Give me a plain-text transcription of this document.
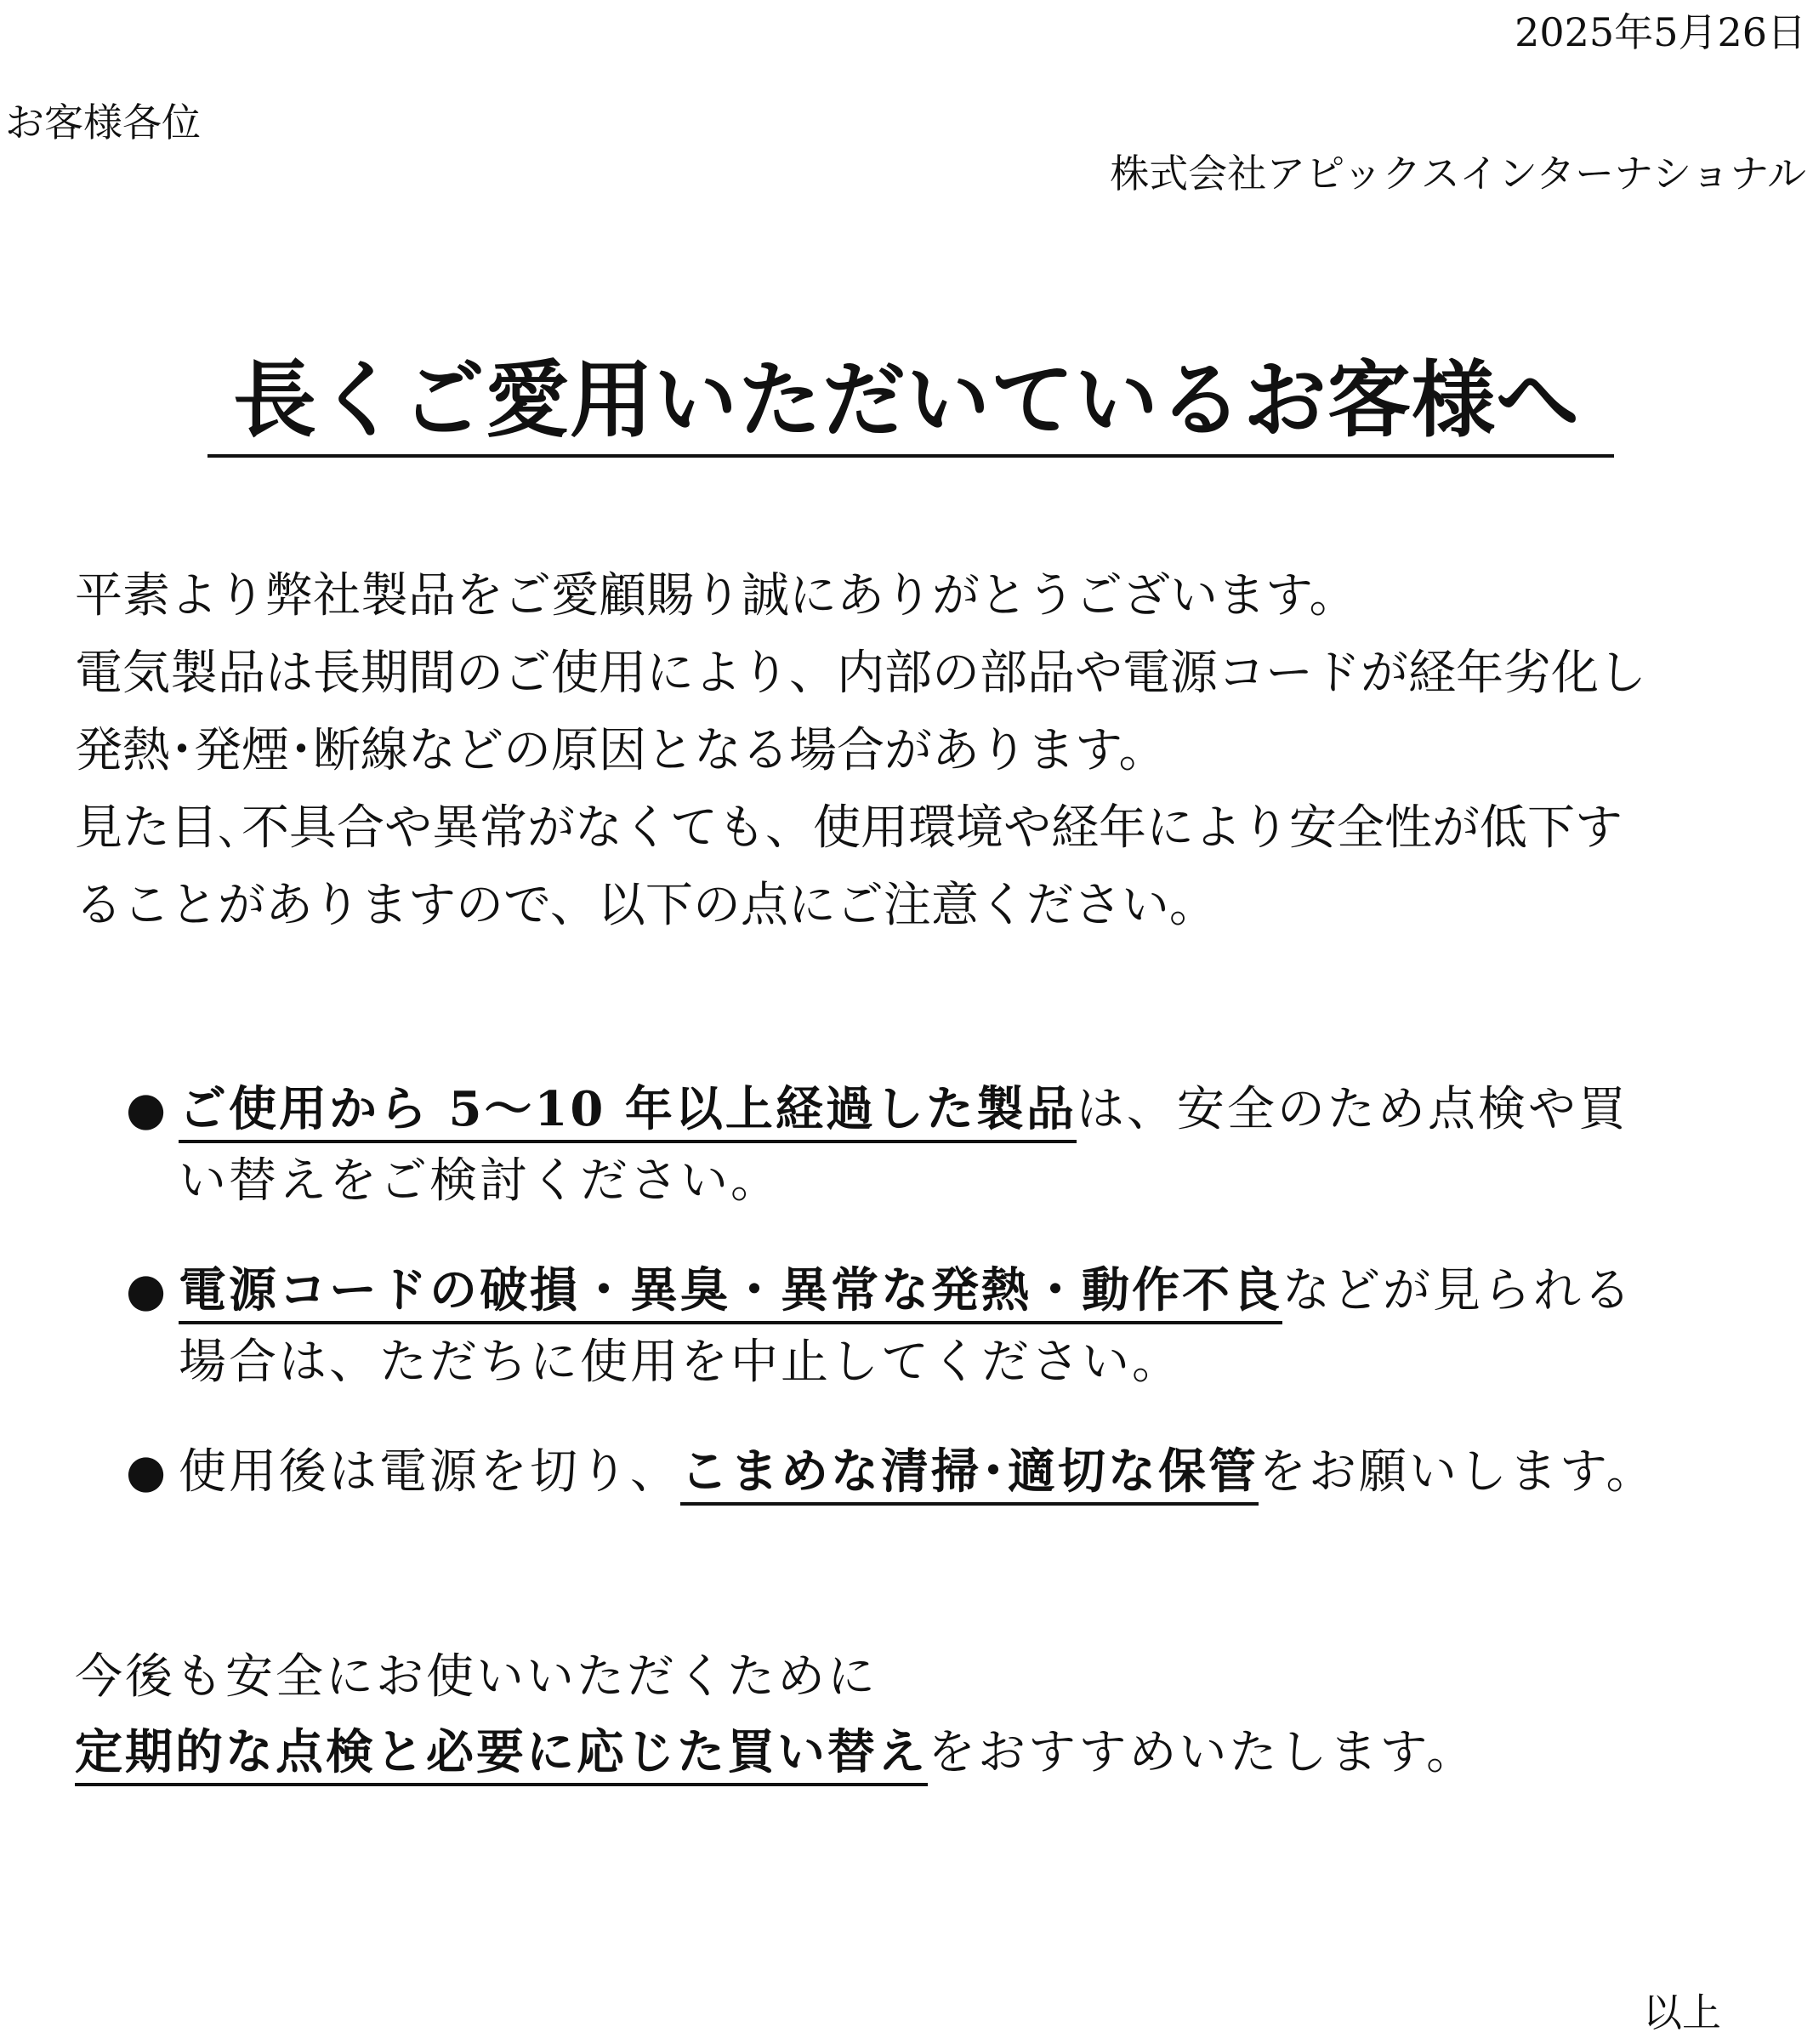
2025年5月26日
お客様各位
株式会社アピックスインターナショナル
長くご愛用いただいているお客様へ
平素より弊社製品をご愛顧賜り誠にありがとうございます。
電気製品は長期間のご使用により、内部の部品や電源コードが経年劣化し
発熱･発煙･断線などの原因となる場合があります。
見た目､不具合や異常がなくても、使用環境や経年により安全性が低下す
ることがありますので、以下の点にご注意ください。
● ご使用から 5～10 年以上経過した製品は、安全のため点検や買
い替えをご検討ください。
● 電源コードの破損・異臭・異常な発熱・動作不良などが見られる
場合は、ただちに使用を中止してください。
● 使用後は電源を切り、こまめな清掃･適切な保管をお願いします。
今後も安全にお使いいただくために
定期的な点検と必要に応じた買い替えをおすすめいたします。
以上
